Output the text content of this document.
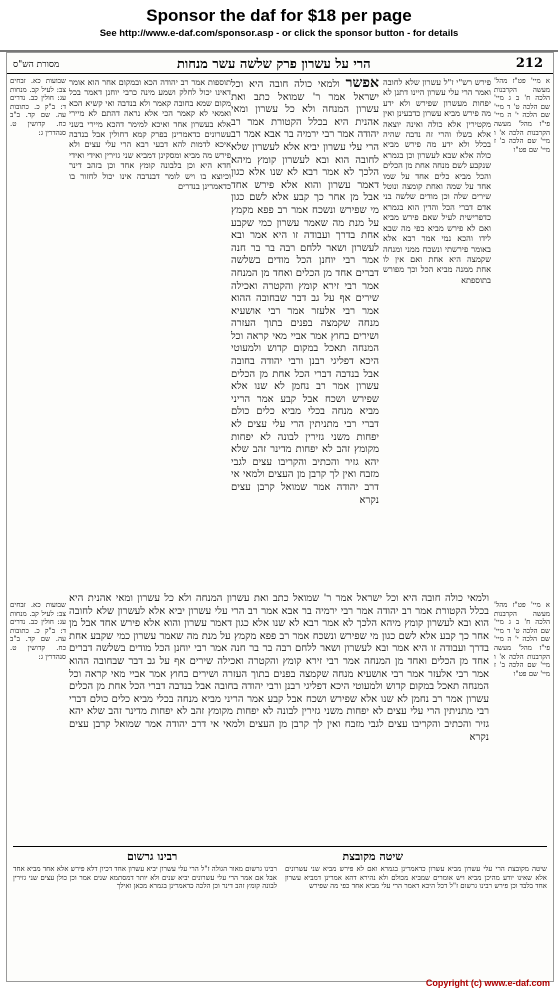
Sponsor the daf for $18 per page
See http://www.e-daf.com/sponsor.asp - or click the sponsor button - for details
212
הרי על עשרון פרק שלשה עשר מנחות
מסורת הש"ס

א מיי' פט"ז מהל' מעשה הקרבנות הלכה ח' ב ג מיי' שם הלכה ט' ד מיי' שם הלכה י' ה מיי' פי"ז מהל' מעשה הקרבנות הלכה א' ו מיי' שם הלכה ב' ז מיי' שם פט"ו

פירש רש"י ז"ל עשרון שלא לחובה ואמר הרי עלי עשרון היינו דתנן לא יפחות מעשרון שפירש ולא ידע מה פירש מביא עשרון כדבעינן ואין מקטירין אלא כולה ואינה יוצאה אלא בשלו והרי זה נדבה שהיה בכלל ולא ידע מה פירש מביא כולה אלא שבא לעשרון וכן בגמרא שנקבע לשם מנחה אחת מן הכלים והכל מביא כלים אחד על שמו אחד על שמה ואחת קומצה ונוטל שירים שלה וכן מודים שלשה בני אדם דברי הכל והדין הוא בגמרא כדפרישית לעיל שאם פירש מביא ואם לא פירש מביא כפי מה שבא לידו והכא נמי אמר רבא אלא באומר פירשתי ונשכח ממני ומנחה שקמצה היא אחת ואם אין לו אחת ממנה מביא הכל וכך מפורש בתוספתא

אפשר ולמאי כולה חובה היא וכל ישראל אמר ר' שמואל כתב ואת עשרון המנחה ולא כל עשרון ומאי אהנית היא בכלל הקטורת אמר רב יהודה אמר רבי ירמיה בר אבא אמר רב הרי עלי עשרון יביא אלא לעשרון שלא לחובה הוא ובא לעשרון קומץ מיהא הלכך לא אמר רבא לא שנו אלא כגון דאמר עשרון והוא אלא פירש אחד אבל מן אחר כך קבע אלא לשם כגון מי שפירש ונשכח אמר רב פפא מקמץ על מנת מה שאמר עשרון כמי שקבע אחת בדרך ועבודה זו היא אמר ובא לעשרון ושאר ללחם רבה בר בר חנה אמר רבי יוחנן הכל מודים בשלשה דברים אחד מן הכלים ואחד מן המנחה אמר רבי זירא קומץ והקטרה ואכילה שירים אף על גב דבר שבחובה ההוא אמר רבי אלעזר אמר רבי אושעיא מנחה שקמצה בפנים בתוך העזרה ושירים בחוץ אמר אביי מאי קראה וכל המנחה תאכל במקום קדוש ולמעוטי היכא דפליגי רבנן ורבי יהודה בחובה אבל בנדבה דברי הכל אחת מן הכלים עשרון אמר רב נחמן לא שנו אלא שפירש ושכח אבל קבע אמר הריני מביא מנחה בכלי מביא כלים כולם דברי רבי מתניתין הרי עלי עצים לא יפחות משני גזירין לבונה לא יפחות מקומץ זהב לא יפחות מדינר זהב שלא יהא גזיר והכתיב והקריבו עצים לגבי מזבח ואין לך קרבן מן העצים ולמאי אי דרב יהודה אמר שמואל קרבן עצים נקרא

תוספות אמר רב יהודה הכא ובמקום אחר הוא אומר דאינו יכול לחלק ושמע מינה כרבי יוחנן דאמר בכל מקום שמא בחובה קאמר ולא בנדבה ואי קשיא הכא ואמאי לא קאמר הכי אלא נראה דהתם לא מיירי אלא בעשרון אחד ואיכא למימר דהכא מיירי בשני עשרונים כדאמרינן בפרק קמא דחולין אבל בנדבה איכא לדמות להא דבעי רבא הרי עלי עצים ולא פירש מה מביא ומסקינן דמביא שני גזירין ואידי ואידי חדא היא וכן בלבונה קומץ אחד וכן בזהב דינר וכיוצא בו ויש לומר דבנדבה אינו יכול לחזור בו כדאמרינן בנדרים

שבועות כא. זבחים צב: לעיל קב. מנחות עג: חולין כב. נדרים ד: ב"ק כ. כתובות עה. שם קד. ב"ב כח. קדושין ט. סנהדרין ג:

ולמאי כולה חובה היא וכל ישראל אמר ר' שמואל כתב ואת עשרון המנחה ולא כל עשרון ומאי אהנית היא בכלל הקטורת אמר רב יהודה אמר רבי ירמיה בר אבא אמר רב הרי עלי עשרון יביא אלא לעשרון שלא לחובה הוא ובא לעשרון קומץ מיהא הלכך לא אמר רבא לא שנו אלא כגון דאמר עשרון והוא אלא פירש אחד אבל מן אחר כך קבע אלא לשם כגון מי שפירש ונשכח אמר רב פפא מקמץ על מנת מה שאמר עשרון כמי שקבע אחת בדרך ועבודה זו היא אמר ובא לעשרון ושאר ללחם רבה בר בר חנה אמר רבי יוחנן הכל מודים בשלשה דברים אחד מן הכלים ואחד מן המנחה אמר רבי זירא קומץ והקטרה ואכילה שירים אף על גב דבר שבחובה ההוא אמר רבי אלעזר אמר רבי אושעיא מנחה שקמצה בפנים בתוך העזרה ושירים בחוץ אמר אביי מאי קראה וכל המנחה תאכל במקום קדוש ולמעוטי היכא דפליגי רבנן ורבי יהודה בחובה אבל בנדבה דברי הכל אחת מן הכלים עשרון אמר רב נחמן לא שנו אלא שפירש ושכח אבל קבע אמר הריני מביא מנחה בכלי מביא כלים כולם דברי רבי מתניתין הרי עלי עצים לא יפחות משני גזירין לבונה לא יפחות מקומץ זהב לא יפחות מדינר זהב שלא יהא גזיר והכתיב והקריבו עצים לגבי מזבח ואין לך קרבן מן העצים ולמאי אי דרב יהודה אמר שמואל קרבן עצים נקרא

א מיי' פט"ז מהל' מעשה הקרבנות הלכה ח' ב ג מיי' שם הלכה ט' ד מיי' שם הלכה י' ה מיי' פי"ז מהל' מעשה הקרבנות הלכה א' ו מיי' שם הלכה ב' ז מיי' שם פט"ו

שבועות כא. זבחים צב: לעיל קב. מנחות עג: חולין כב. נדרים ד: ב"ק כ. כתובות עה. שם קד. ב"ב כח. קדושין ט. סנהדרין ג:

שיטה מקובצת
רבינו גרשום

שיטה מקובצת הרי עלי עשרון מביא עשרון כדאמרינן בגמרא ואם לא פירש מביא שני עשרונים אלא שאינו יודע מהיכן מביא ויש אומרים שמביא מכולם ולא נהירא דהא אמרינן דמביא עשרון אחד בלבד וכן פירש רבינו גרשום ז"ל דכל היכא דאמר הרי עלי מביא אחד כפי מה שפירש

רבינו גרשום מאור הגולה ז"ל הרי עלי עשרון יביא עשרון אחד דכיון דלא פירש אלא אחד מביא אחד אבל אם אמר הרי עלי עשרונים יביא שנים ולא יותר דמסתמא שנים אמר וכן כולן עצים שני גזירין לבונה קומץ זהב דינר וכן הלכה כדאמרינן בגמרא מכאן ואילך

Copyright (c) www.e-daf.com
